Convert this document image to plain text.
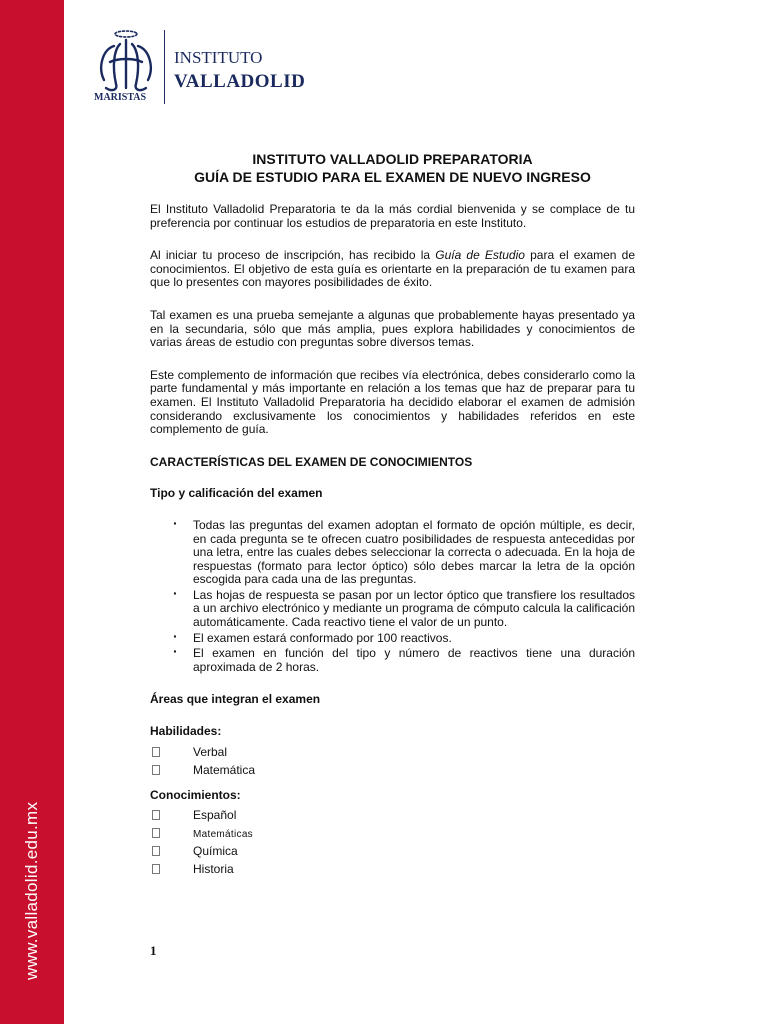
www.valladolid.edu.mx
INSTITUTO
VALLADOLID
MARISTAS
INSTITUTO VALLADOLID PREPARATORIA
GUÍA DE ESTUDIO PARA EL EXAMEN DE NUEVO INGRESO

El Instituto Valladolid Preparatoria te da la más cordial bienvenida y se complace de tu preferencia por continuar los estudios de preparatoria en este Instituto.

Al iniciar tu proceso de inscripción, has recibido la Guía de Estudio para el examen de conocimientos. El objetivo de esta guía es orientarte en la preparación de tu examen para que lo presentes con mayores posibilidades de éxito.

Tal examen es una prueba semejante a algunas que probablemente hayas presentado ya en la secundaria, sólo que más amplia, pues explora habilidades y conocimientos de varias áreas de estudio con preguntas sobre diversos temas.

Este complemento de información que recibes vía electrónica, debes considerarlo como la parte fundamental y más importante en relación a los temas que haz de preparar para tu examen. El Instituto Valladolid Preparatoria ha decidido elaborar el examen de admisión considerando exclusivamente los conocimientos y habilidades referidos en este complemento de guía.

CARACTERÍSTICAS DEL EXAMEN DE CONOCIMIENTOS
Tipo y calificación del examen
· Todas las preguntas del examen adoptan el formato de opción múltiple, es decir, en cada pregunta se te ofrecen cuatro posibilidades de respuesta antecedidas por una letra, entre las cuales debes seleccionar la correcta o adecuada. En la hoja de respuestas (formato para lector óptico) sólo debes marcar la letra de la opción escogida para cada una de las preguntas.
· Las hojas de respuesta se pasan por un lector óptico que transfiere los resultados a un archivo electrónico y mediante un programa de cómputo calcula la calificación automáticamente. Cada reactivo tiene el valor de un punto.
· El examen estará conformado por 100 reactivos.
· El examen en función del tipo y número de reactivos tiene una duración aproximada de 2 horas.
Áreas que integran el examen
Habilidades:
Verbal
Matemática
Conocimientos:
Español
Matemáticas
Química
Historia
1
